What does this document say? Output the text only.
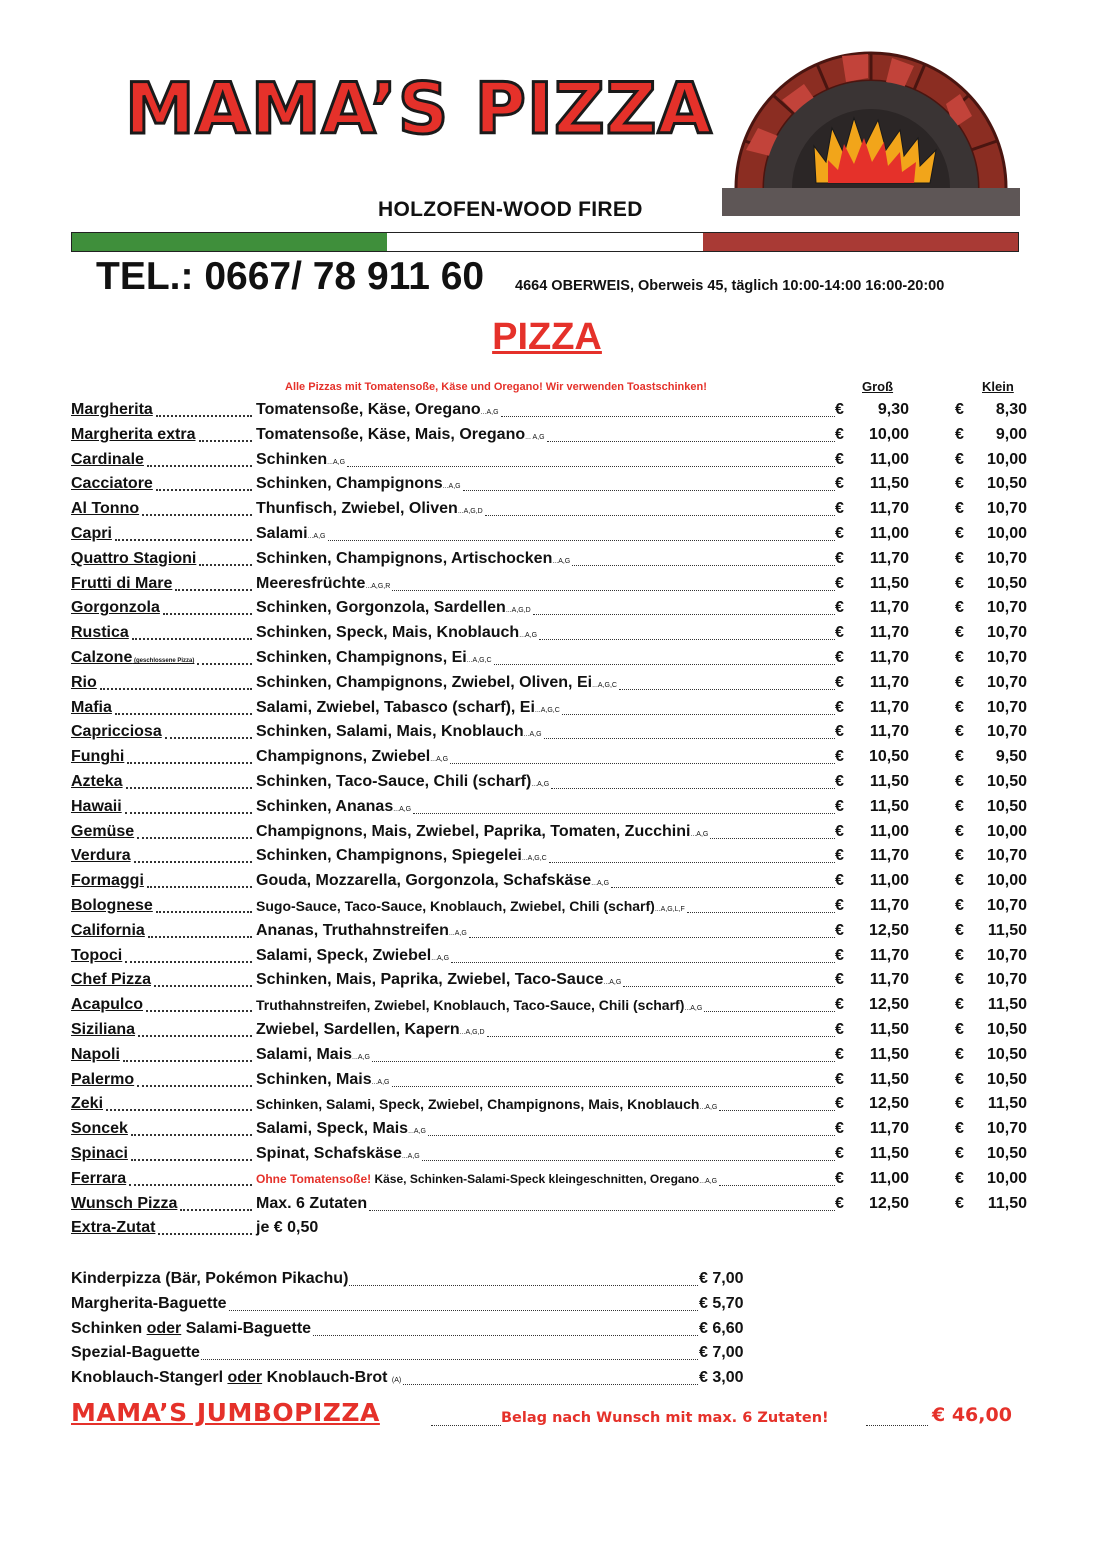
MAMA’S PIZZA
HOLZOFEN-WOOD FIRED
TEL.: 0667/ 78 911 60 4664 OBERWEIS, Oberweis 45, täglich 10:00-14:00 16:00-20:00
PIZZA
Alle Pizzas mit Tomatensoße, Käse und Oregano! Wir verwenden Toastschinken!	Groß	Klein
Margherita	Tomatensoße, Käse, Oregano...A,G	€	9,30	€	8,30
Margherita extra	Tomatensoße, Käse, Mais, Oregano... A,G	€	10,00	€	9,00
Cardinale	Schinken...A,G	€	11,00	€	10,00
Cacciatore	Schinken, Champignons...A,G	€	11,50	€	10,50
Al Tonno	Thunfisch, Zwiebel, Oliven...A,G,D	€	11,70	€	10,70
Capri	Salami...A,G	€	11,00	€	10,00
Quattro Stagioni	Schinken, Champignons, Artischocken...A,G	€	11,70	€	10,70
Frutti di Mare	Meeresfrüchte...A,G,R	€	11,50	€	10,50
Gorgonzola	Schinken, Gorgonzola, Sardellen...A,G,D	€	11,70	€	10,70
Rustica	Schinken, Speck, Mais, Knoblauch...A,G	€	11,70	€	10,70
Calzone (geschlossene Pizza)	Schinken, Champignons, Ei...A,G,C	€	11,70	€	10,70
Rio	Schinken, Champignons, Zwiebel, Oliven, Ei...A,G,C	€	11,70	€	10,70
Mafia	Salami, Zwiebel, Tabasco (scharf), Ei...A,G,C	€	11,70	€	10,70
Capricciosa	Schinken, Salami, Mais, Knoblauch...A,G	€	11,70	€	10,70
Funghi	Champignons, Zwiebel...A,G	€	10,50	€	9,50
Azteka	Schinken, Taco-Sauce, Chili (scharf)...A,G	€	11,50	€	10,50
Hawaii	Schinken, Ananas...A,G	€	11,50	€	10,50
Gemüse	Champignons, Mais, Zwiebel, Paprika, Tomaten, Zucchini...A,G	€	11,00	€	10,00
Verdura	Schinken, Champignons, Spiegelei...A,G,C	€	11,70	€	10,70
Formaggi	Gouda, Mozzarella, Gorgonzola, Schafskäse...A,G	€	11,00	€	10,00
Bolognese	Sugo-Sauce, Taco-Sauce, Knoblauch, Zwiebel, Chili (scharf)...A,G,L,F	€	11,70	€	10,70
California	Ananas, Truthahnstreifen...A,G	€	12,50	€	11,50
Topoci	Salami, Speck, Zwiebel...A,G	€	11,70	€	10,70
Chef Pizza	Schinken, Mais, Paprika, Zwiebel, Taco-Sauce...A,G	€	11,70	€	10,70
Acapulco	Truthahnstreifen, Zwiebel, Knoblauch, Taco-Sauce, Chili (scharf)...A,G	€	12,50	€	11,50
Siziliana	Zwiebel, Sardellen, Kapern...A,G,D	€	11,50	€	10,50
Napoli	Salami, Mais...A,G	€	11,50	€	10,50
Palermo	Schinken, Mais...A,G	€	11,50	€	10,50
Zeki	Schinken, Salami, Speck, Zwiebel, Champignons, Mais, Knoblauch...A,G	€	12,50	€	11,50
Soncek	Salami, Speck, Mais...A,G	€	11,70	€	10,70
Spinaci	Spinat, Schafskäse...A,G	€	11,50	€	10,50
Ferrara	Ohne Tomatensoße! Käse, Schinken-Salami-Speck kleingeschnitten, Oregano...A,G	€	11,00	€	10,00
Wunsch Pizza	Max. 6 Zutaten	€	12,50	€	11,50
Extra-Zutat	je € 0,50
Kinderpizza (Bär, Pokémon Pikachu)	€ 7,00
Margherita-Baguette	€ 5,70
Schinken oder Salami-Baguette	€ 6,60
Spezial-Baguette	€ 7,00
Knoblauch-Stangerl oder Knoblauch-Brot (A)	€ 3,00
MAMA’S JUMBOPIZZA	Belag nach Wunsch mit max. 6 Zutaten!	€ 46,00
